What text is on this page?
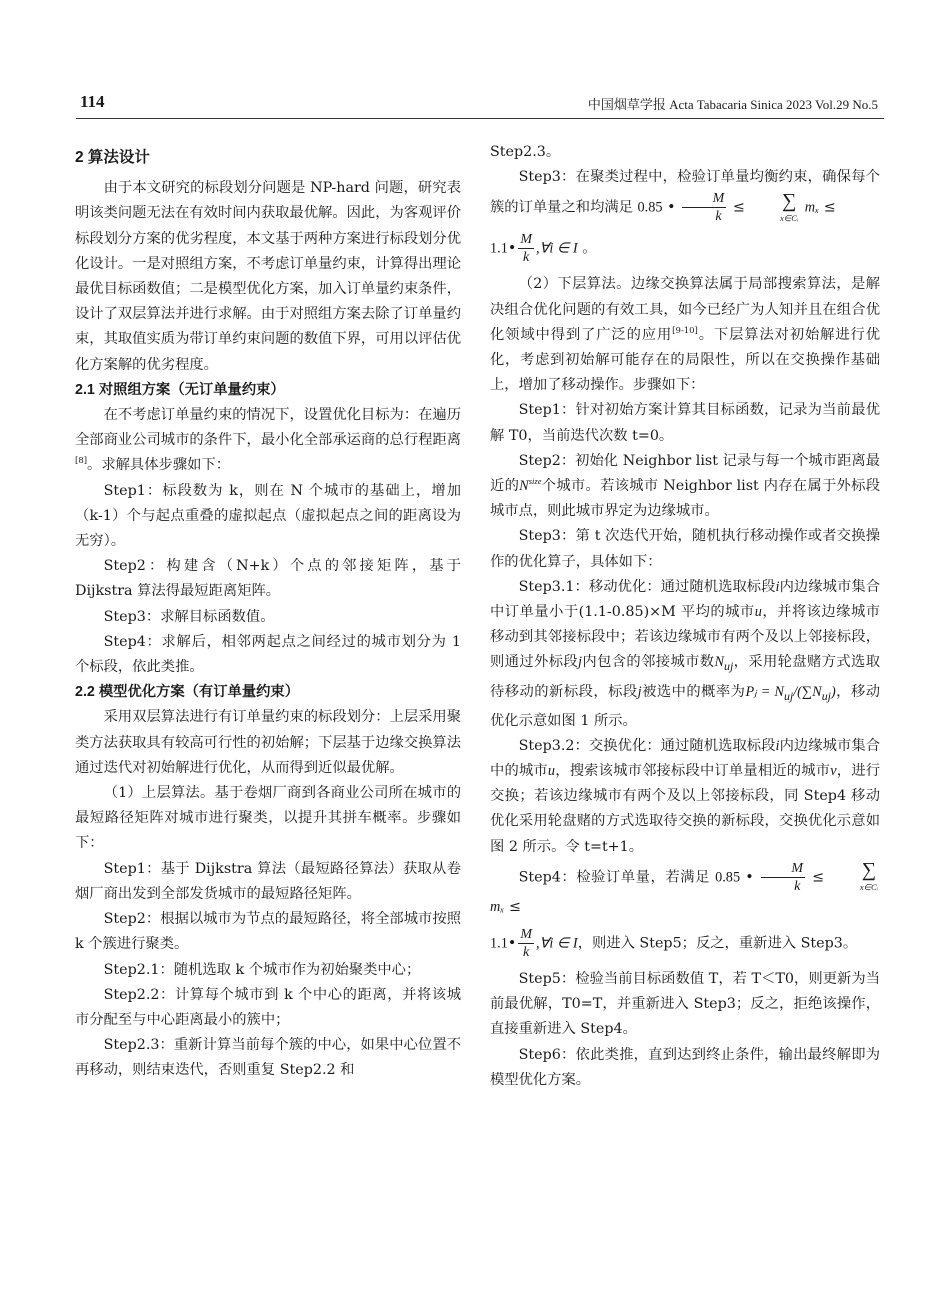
114	中国烟草学报 Acta Tabacaria Sinica 2023 Vol.29 No.5

2 算法设计

由于本文研究的标段划分问题是 NP-hard 问题，研究表明该类问题无法在有效时间内获取最优解。因此，为客观评价标段划分方案的优劣程度，本文基于两种方案进行标段划分优化设计。一是对照组方案，不考虑订单量约束，计算得出理论最优目标函数值；二是模型优化方案，加入订单量约束条件，设计了双层算法并进行求解。由于对照组方案去除了订单量约束，其取值实质为带订单约束问题的数值下界，可用以评估优化方案解的优劣程度。

2.1 对照组方案（无订单量约束）

在不考虑订单量约束的情况下，设置优化目标为：在遍历全部商业公司城市的条件下，最小化全部承运商的总行程距离[8]。求解具体步骤如下：

Step1：标段数为 k，则在 N 个城市的基础上，增加（k-1）个与起点重叠的虚拟起点（虚拟起点之间的距离设为无穷）。

Step2：构建含（N+k）个点的邻接矩阵，基于 Dijkstra 算法得最短距离矩阵。

Step3：求解目标函数值。

Step4：求解后，相邻两起点之间经过的城市划分为 1 个标段，依此类推。

2.2 模型优化方案（有订单量约束）

采用双层算法进行有订单量约束的标段划分：上层采用聚类方法获取具有较高可行性的初始解；下层基于边缘交换算法通过迭代对初始解进行优化，从而得到近似最优解。

（1）上层算法。基于卷烟厂商到各商业公司所在城市的最短路径矩阵对城市进行聚类，以提升其拼车概率。步骤如下：

Step1：基于 Dijkstra 算法（最短路径算法）获取从卷烟厂商出发到全部发货城市的最短路径矩阵。

Step2：根据以城市为节点的最短路径，将全部城市按照 k 个簇进行聚类。

Step2.1：随机选取 k 个城市作为初始聚类中心；

Step2.2：计算每个城市到 k 个中心的距离，并将该城市分配至与中心距离最小的簇中；

Step2.3：重新计算当前每个簇的中心，如果中心位置不再移动，则结束迭代，否则重复 Step2.2 和

Step2.3。

Step3：在聚类过程中，检验订单量均衡约束，确保每个簇的订单量之和均满足 0.85 • $\frac{M}{k}$ ≤	∑
x∈Cᵢ
mₓ ≤

1.1• $\frac{M}{k}$ ,∀i ∈ I 。

（2）下层算法。边缘交换算法属于局部搜索算法，是解决组合优化问题的有效工具，如今已经广为人知并且在组合优化领域中得到了广泛的应用[9-10]。下层算法对初始解进行优化，考虑到初始解可能存在的局限性，所以在交换操作基础上，增加了移动操作。步骤如下：

Step1：针对初始方案计算其目标函数，记录为当前最优解 T0，当前迭代次数 t=0。

Step2：初始化 Neighbor list 记录与每一个城市距离最近的$N^{size}$个城市。若该城市 Neighbor list 内存在属于外标段城市点，则此城市界定为边缘城市。

Step3：第 t 次迭代开始，随机执行移动操作或者交换操作的优化算子，具体如下：

Step3.1：移动优化：通过随机选取标段i内边缘城市集合中订单量小于(1.1-0.85)×M 平均的城市u，并将该边缘城市移动到其邻接标段中；若该边缘城市有两个及以上邻接标段，则通过外标段j内包含的邻接城市数$N_{uj}$，采用轮盘赌方式选取待移动的新标段，标段j被选中的概率为Pⱼ = $N_{uj}/(\sum N_{uj})$，移动优化示意如图 1 所示。

Step3.2：交换优化：通过随机选取标段i内边缘城市集合中的城市u，搜索该城市邻接标段中订单量相近的城市v，进行交换；若该边缘城市有两个及以上邻接标段，同 Step4 移动优化采用轮盘赌的方式选取待交换的新标段，交换优化示意如图 2 所示。令 t=t+1。

Step4：检验订单量，若满足 0.85 • $\frac{M}{k}$ ≤	∑
x∈Cᵢ
mₓ ≤

1.1• $\frac{M}{k}$ ,∀i ∈ I，则进入 Step5；反之，重新进入 Step3。

Step5：检验当前目标函数值 T，若 T＜T0，则更新为当前最优解，T0=T，并重新进入 Step3；反之，拒绝该操作，直接重新进入 Step4。

Step6：依此类推，直到达到终止条件，输出最终解即为模型优化方案。
